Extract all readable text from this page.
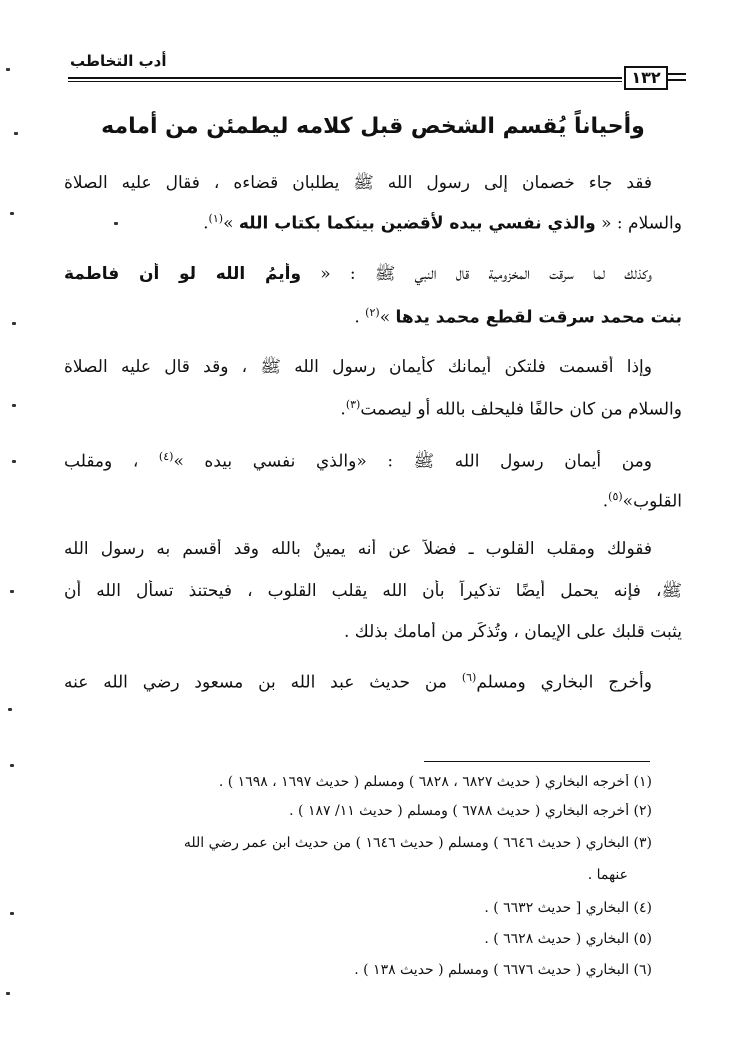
أدب التخاطب
١٣٢
وأحياناً يُقسم الشخص قبل كلامه ليطمئن من أمامه
فقد جاء خصمان إلى رسول الله ﷺ يطلبان قضاءه ، فقال عليه الصلاة
والسلام : « والذي نفسي بيده لأقضين بينكما بكتاب الله »$^{(١)}$.
وكذلك لما سرقت المخزومية قال النبي ﷺ : « وأيمُ الله لو أن فاطمة
بنت محمد سرقت لقطع محمد يدها »$^{(٢)}$ .
وإذا أقسمت فلتكن أيمانك كأيمان رسول الله ﷺ ، وقد قال عليه الصلاة
والسلام من كان حالفًا فليحلف بالله أو ليصمت$^{(٣)}$.
ومن أيمان رسول الله ﷺ : «والذي نفسي بيده »$^{(٤)}$ ، ومقلب
القلوب»$^{(٥)}$.
فقولك ومقلب القلوب ـ فضلاً عن أنه يمينٌ بالله وقد أقسم به رسول الله
ﷺ، فإنه يحمل أيضًا تذكيراً بأن الله يقلب القلوب ، فيحتنذ تسأل الله أن
يثبت قلبك على الإيمان ، وتُذكِّر من أمامك بذلك .
وأخرج البخاري ومسلم$^{(٦)}$ من حديث عبد الله بن مسعود رضي الله عنه
(١) أخرجه البخاري ( حديث ٦٨٢٧ ، ٦٨٢٨ ) ومسلم ( حديث ١٦٩٧ ، ١٦٩٨ ) .
(٢) أخرجه البخاري ( حديث ٦٧٨٨ ) ومسلم ( حديث ١١/ ١٨٧ ) .
(٣) البخاري ( حديث ٦٦٤٦ ) ومسلم ( حديث ١٦٤٦ ) من حديث ابن عمر رضي الله
عنهما .
(٤) البخاري [ حديث ٦٦٣٢ ) .
(٥) البخاري ( حديث ٦٦٢٨ ) .
(٦) البخاري ( حديث ٦٦٧٦ ) ومسلم ( حديث ١٣٨ ) .
